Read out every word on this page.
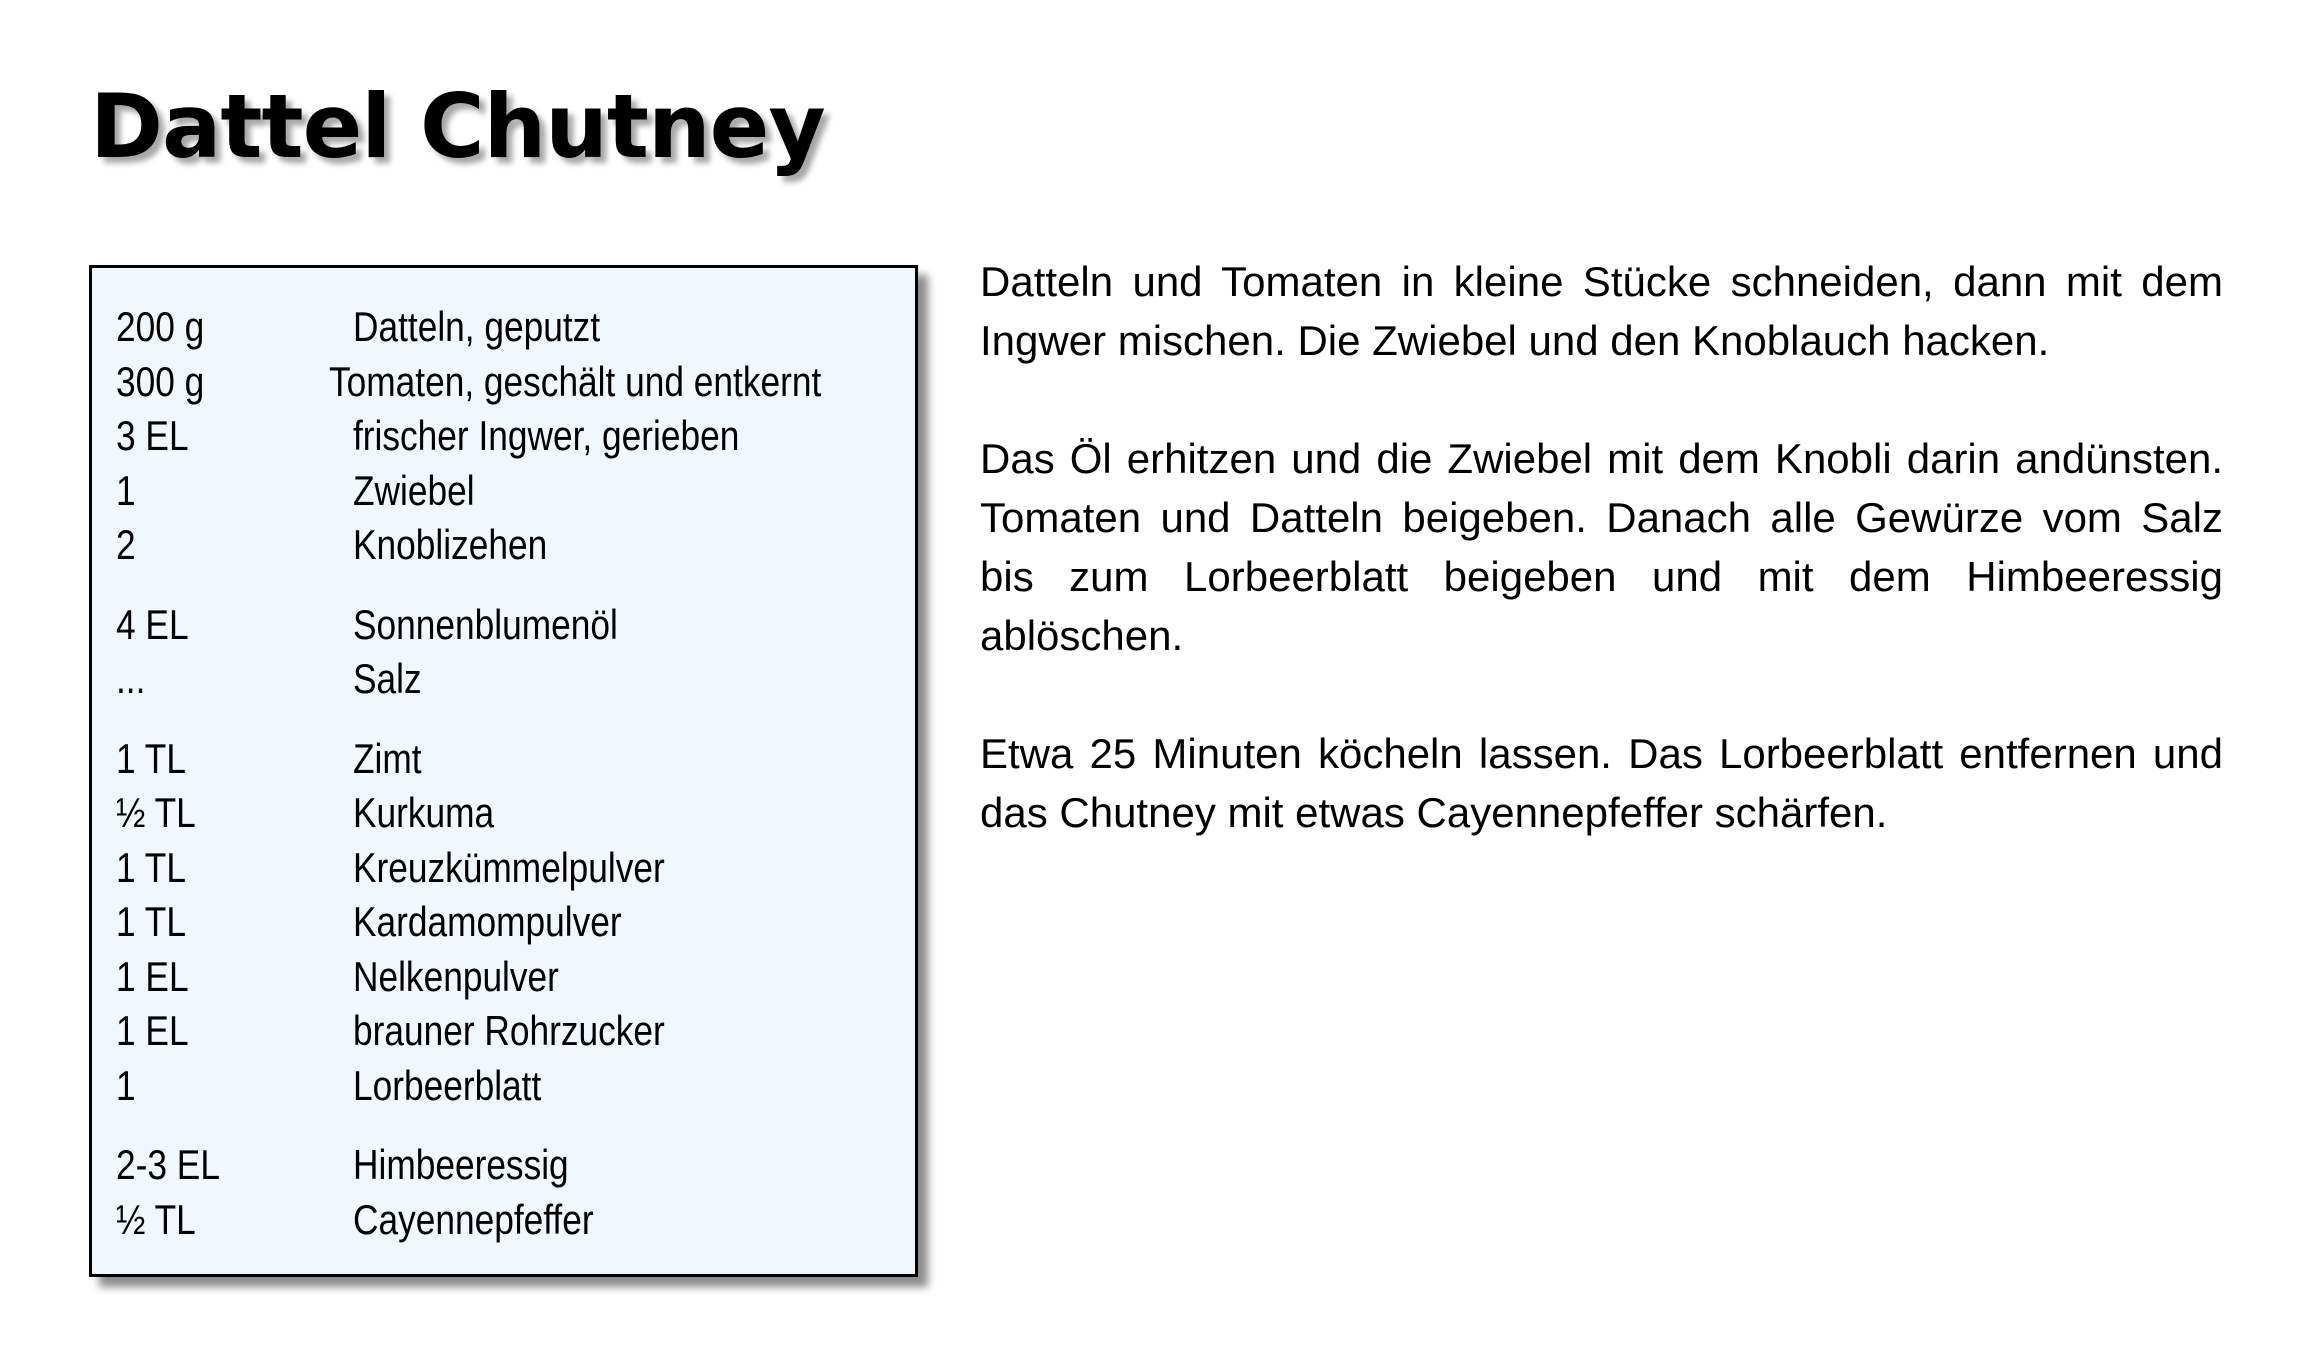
Dattel Chutney
200 g	Datteln, geputzt
300 g	Tomaten, geschält und entkernt
3 EL	frischer Ingwer, gerieben
1	Zwiebel
2	Knoblizehen
4 EL	Sonnenblumenöl
...	Salz
1 TL	Zimt
½ TL	Kurkuma
1 TL	Kreuzkümmelpulver
1 TL	Kardamompulver
1 EL	Nelkenpulver
1 EL	brauner Rohrzucker
1	Lorbeerblatt
2-3 EL	Himbeeressig
½ TL	Cayennepfeffer

Datteln und Tomaten in kleine Stücke schneiden, dann mit dem Ingwer mischen. Die Zwiebel und den Knoblauch hacken.

Das Öl erhitzen und die Zwiebel mit dem Knobli darin andünsten. Tomaten und Datteln beigeben. Danach alle Gewürze vom Salz bis zum Lorbeerblatt beigeben und mit dem Himbeeressig ablöschen.

Etwa 25 Minuten köcheln lassen. Das Lorbeerblatt entfernen und das Chutney mit etwas Cayennepfeffer schärfen.
